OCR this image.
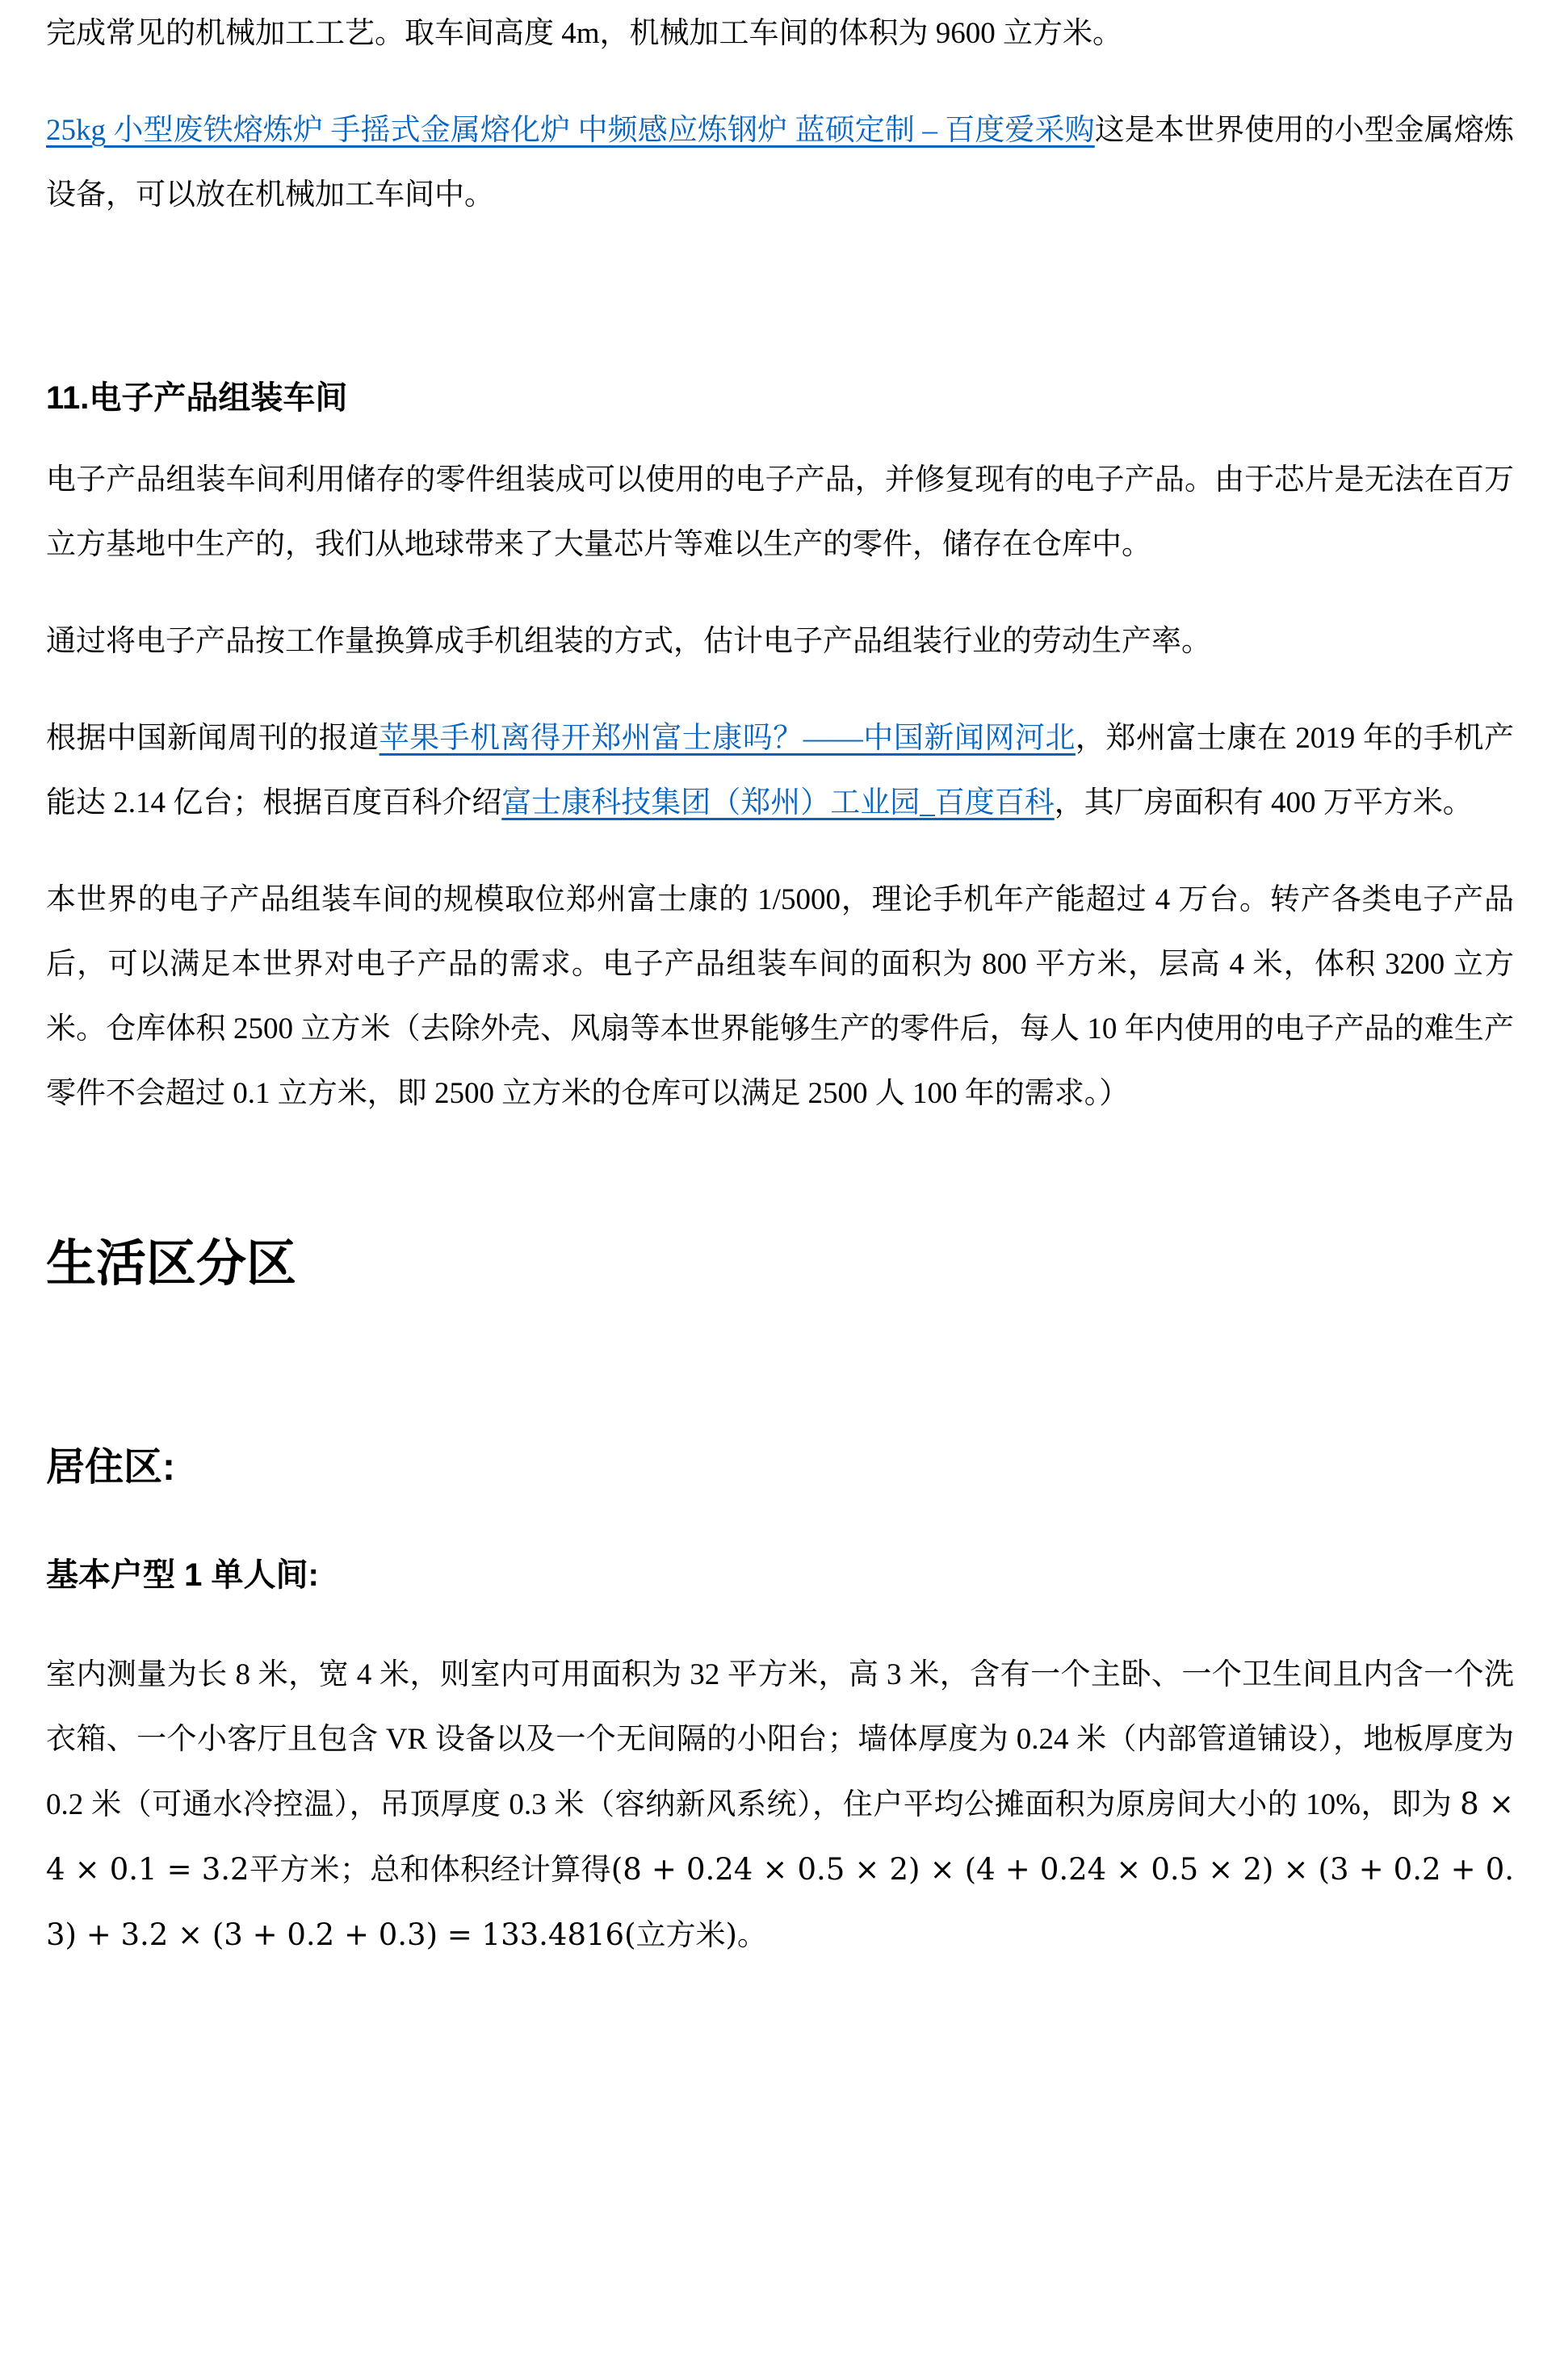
完成常见的机械加工工艺。取车间高度 4m，机械加工车间的体积为 9600 立方米。

25kg 小型废铁熔炼炉 手摇式金属熔化炉 中频感应炼钢炉 蓝硕定制 – 百度爱采购这是本世界使用的小型金属熔炼设备，可以放在机械加工车间中。

11.电子产品组装车间

电子产品组装车间利用储存的零件组装成可以使用的电子产品，并修复现有的电子产品。由于芯片是无法在百万立方基地中生产的，我们从地球带来了大量芯片等难以生产的零件，储存在仓库中。

通过将电子产品按工作量换算成手机组装的方式，估计电子产品组装行业的劳动生产率。

根据中国新闻周刊的报道苹果手机离得开郑州富士康吗？——中国新闻网河北，郑州富士康在 2019 年的手机产能达 2.14 亿台；根据百度百科介绍富士康科技集团（郑州）工业园_百度百科，其厂房面积有 400 万平方米。

本世界的电子产品组装车间的规模取位郑州富士康的 1/5000，理论手机年产能超过 4 万台。转产各类电子产品后，可以满足本世界对电子产品的需求。电子产品组装车间的面积为 800 平方米，层高 4 米，体积 3200 立方米。仓库体积 2500 立方米（去除外壳、风扇等本世界能够生产的零件后，每人 10 年内使用的电子产品的难生产零件不会超过 0.1 立方米，即 2500 立方米的仓库可以满足 2500 人 100 年的需求。）

生活区分区
居住区:
基本户型 1 单人间:

室内测量为长 8 米，宽 4 米，则室内可用面积为 32 平方米，高 3 米，含有一个主卧、一个卫生间且内含一个洗衣箱、一个小客厅且包含 VR 设备以及一个无间隔的小阳台；墙体厚度为 0.24 米（内部管道铺设），地板厚度为 0.2 米（可通水冷控温），吊顶厚度 0.3 米（容纳新风系统），住户平均公摊面积为原房间大小的 10%，即为 8 × 4 × 0.1 = 3.2平方米；总和体积经计算得(8 + 0.24 × 0.5 × 2) × (4 + 0.24 × 0.5 × 2) × (3 + 0.2 + 0.3) + 3.2 × (3 + 0.2 + 0.3) = 133.4816(立方米)。
